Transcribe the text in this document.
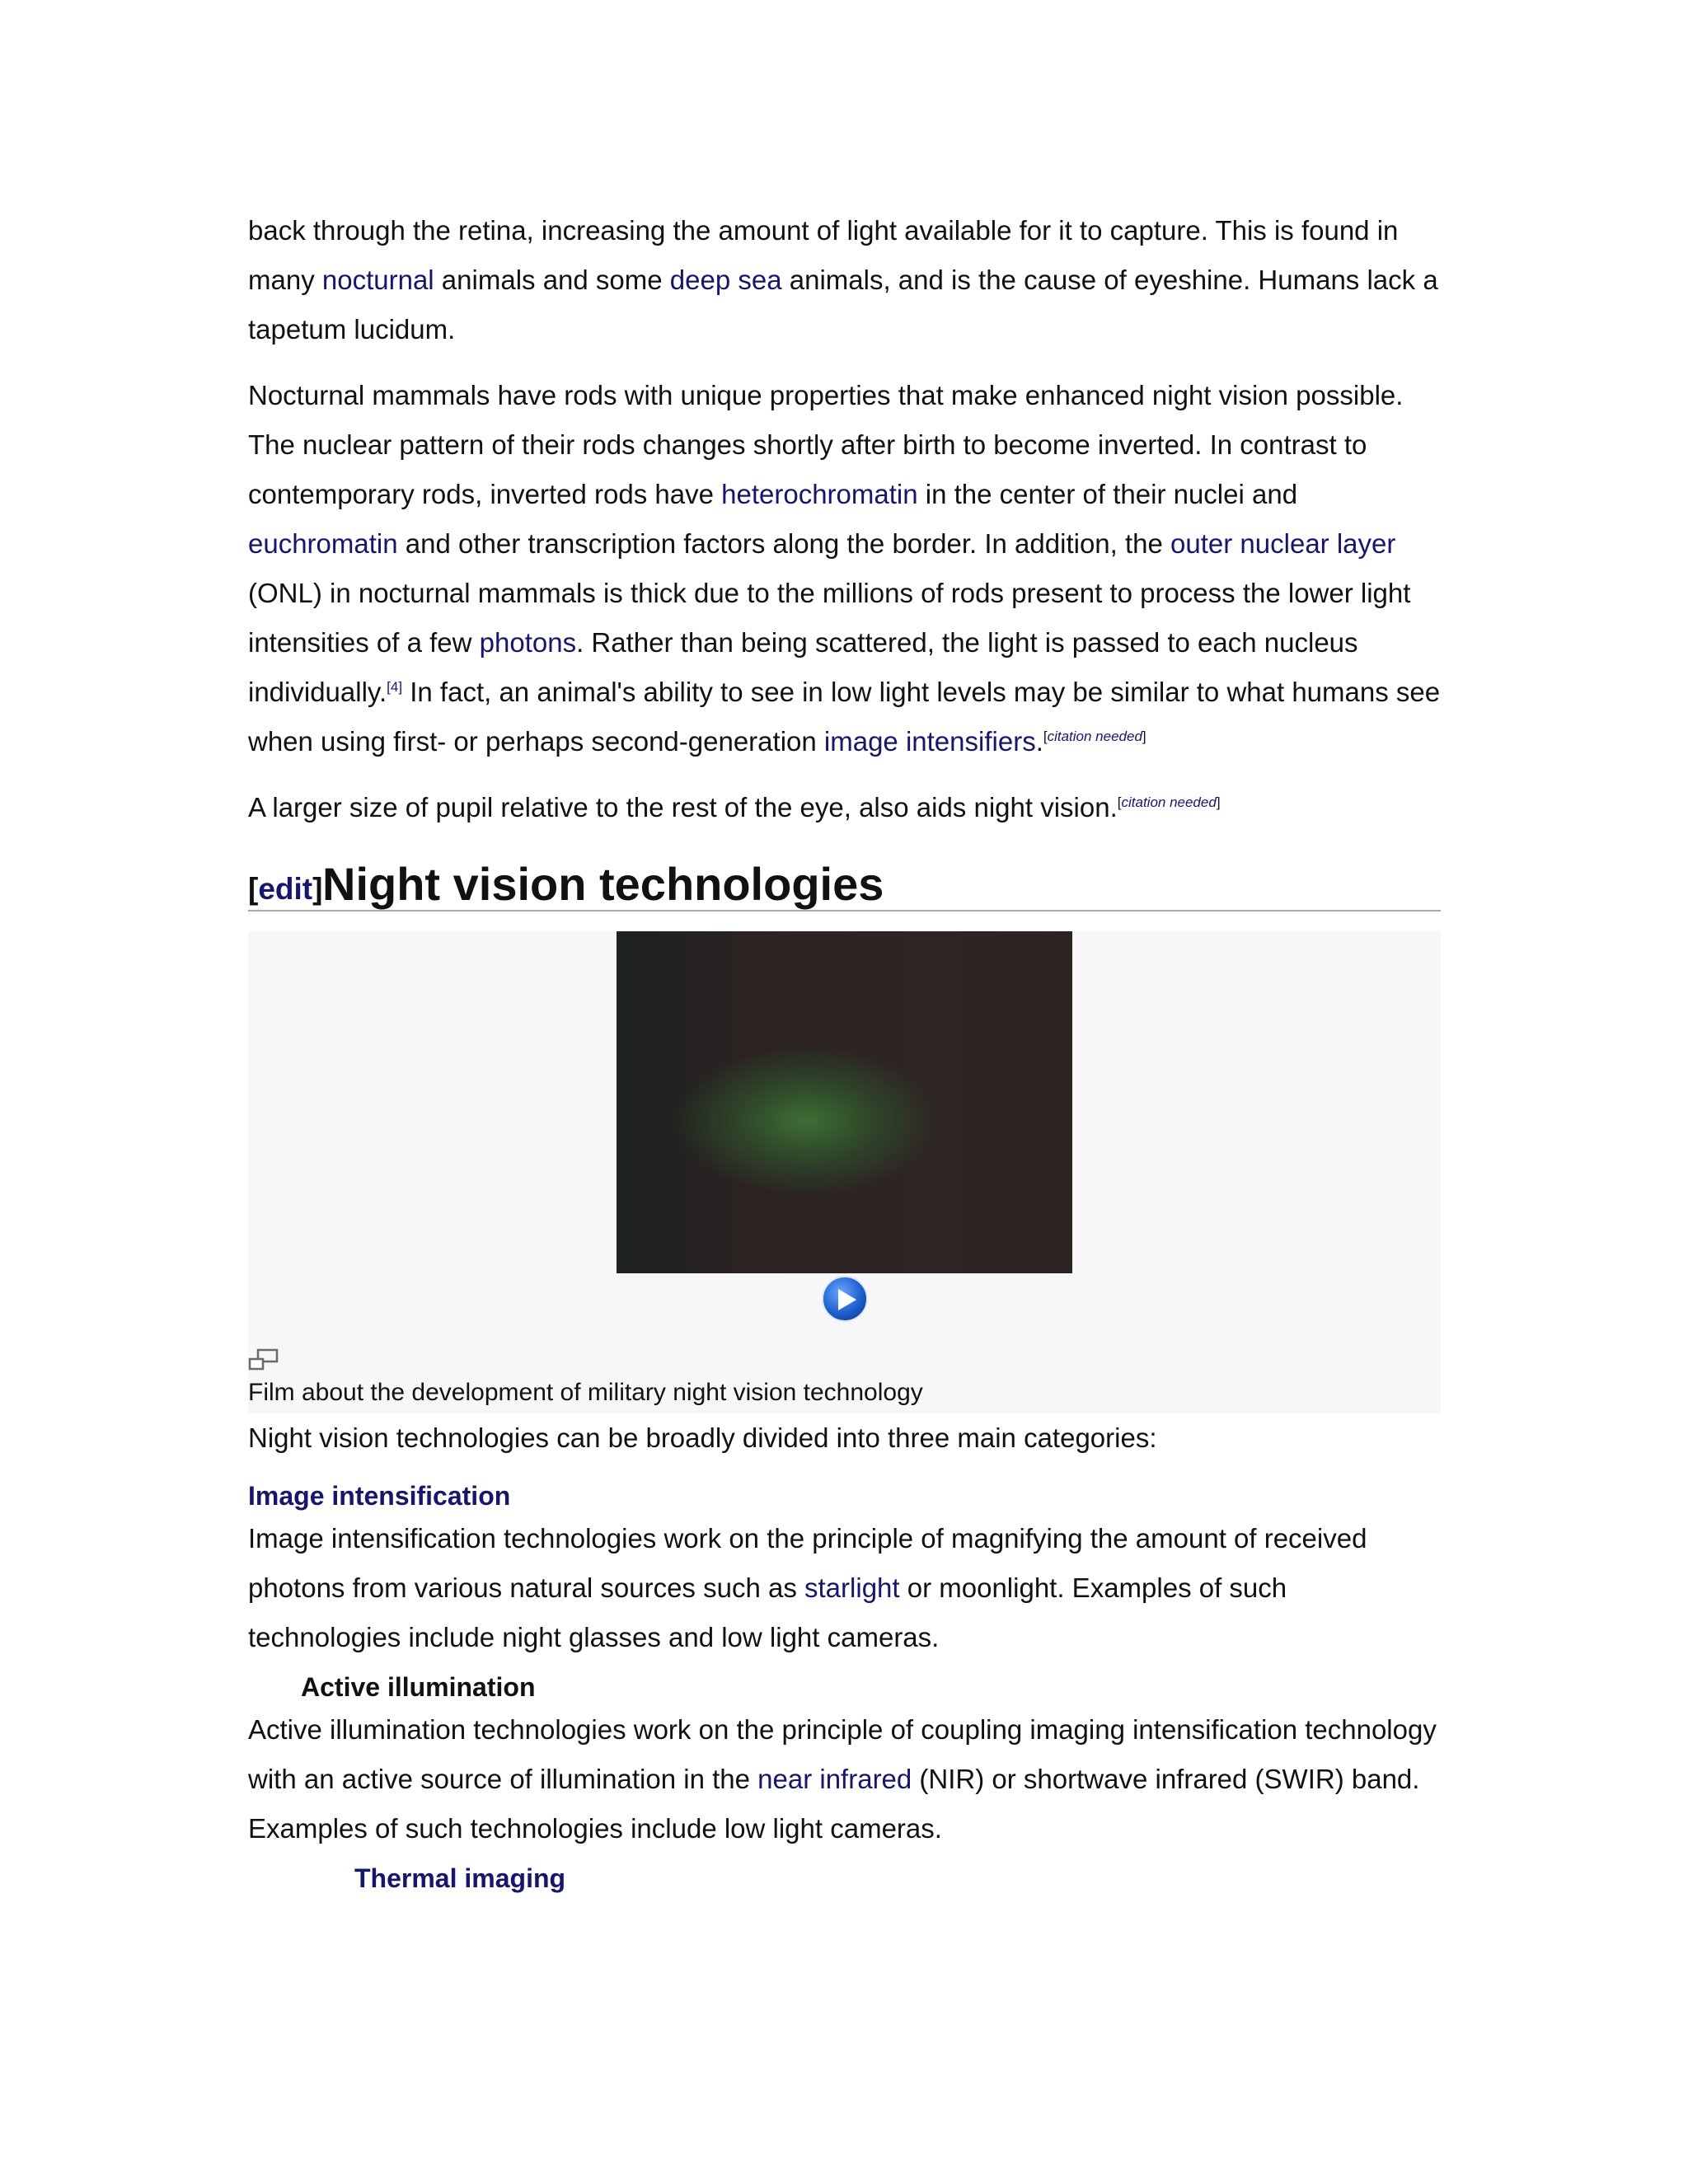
back through the retina, increasing the amount of light available for it to capture. This is found in many nocturnal animals and some deep sea animals, and is the cause of eyeshine. Humans lack a tapetum lucidum.

Nocturnal mammals have rods with unique properties that make enhanced night vision possible. The nuclear pattern of their rods changes shortly after birth to become inverted. In contrast to contemporary rods, inverted rods have heterochromatin in the center of their nuclei and euchromatin and other transcription factors along the border. In addition, the outer nuclear layer (ONL) in nocturnal mammals is thick due to the millions of rods present to process the lower light intensities of a few photons. Rather than being scattered, the light is passed to each nucleus individually.[4] In fact, an animal's ability to see in low light levels may be similar to what humans see when using first- or perhaps second-generation image intensifiers.[citation needed]

A larger size of pupil relative to the rest of the eye, also aids night vision.[citation needed]

[edit] Night vision technologies
Film about the development of military night vision technology

Night vision technologies can be broadly divided into three main categories:

Image intensification

Image intensification technologies work on the principle of magnifying the amount of received photons from various natural sources such as starlight or moonlight. Examples of such technologies include night glasses and low light cameras.

Active illumination

Active illumination technologies work on the principle of coupling imaging intensification technology with an active source of illumination in the near infrared (NIR) or shortwave infrared (SWIR) band. Examples of such technologies include low light cameras.

Thermal imaging
